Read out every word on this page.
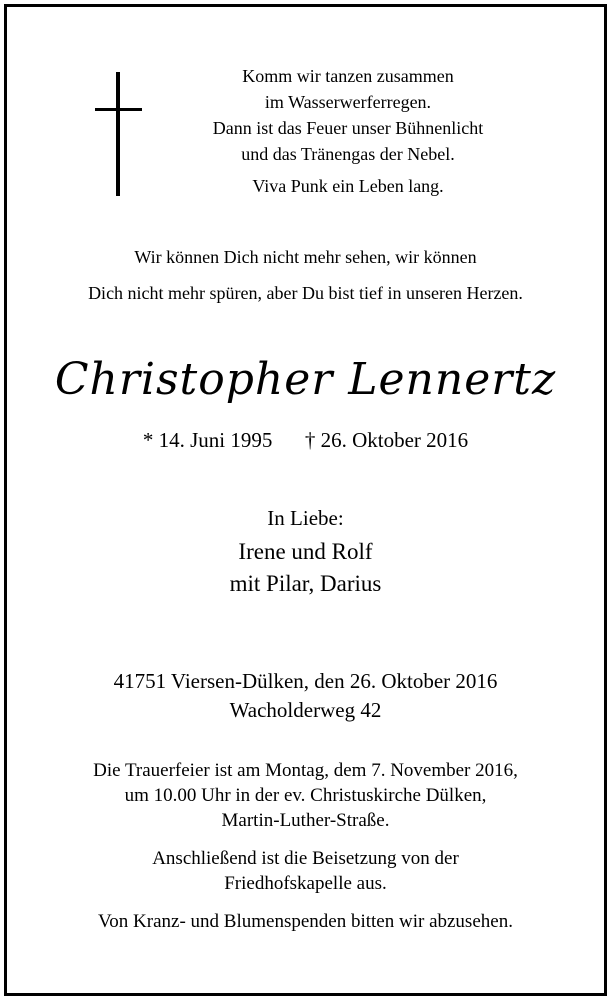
Komm wir tanzen zusammen
im Wasserwerferregen.
Dann ist das Feuer unser Bühnenlicht
und das Tränengas der Nebel.
Viva Punk ein Leben lang.
Wir können Dich nicht mehr sehen, wir können
Dich nicht mehr spüren, aber Du bist tief in unseren Herzen.
Christopher Lennertz
* 14. Juni 1995 † 26. Oktober 2016
In Liebe:
Irene und Rolf
mit Pilar, Darius
41751 Viersen-Dülken, den 26. Oktober 2016
Wacholderweg 42
Die Trauerfeier ist am Montag, dem 7. November 2016,
um 10.00 Uhr in der ev. Christuskirche Dülken,
Martin-Luther-Straße.
Anschließend ist die Beisetzung von der
Friedhofskapelle aus.
Von Kranz- und Blumenspenden bitten wir abzusehen.
